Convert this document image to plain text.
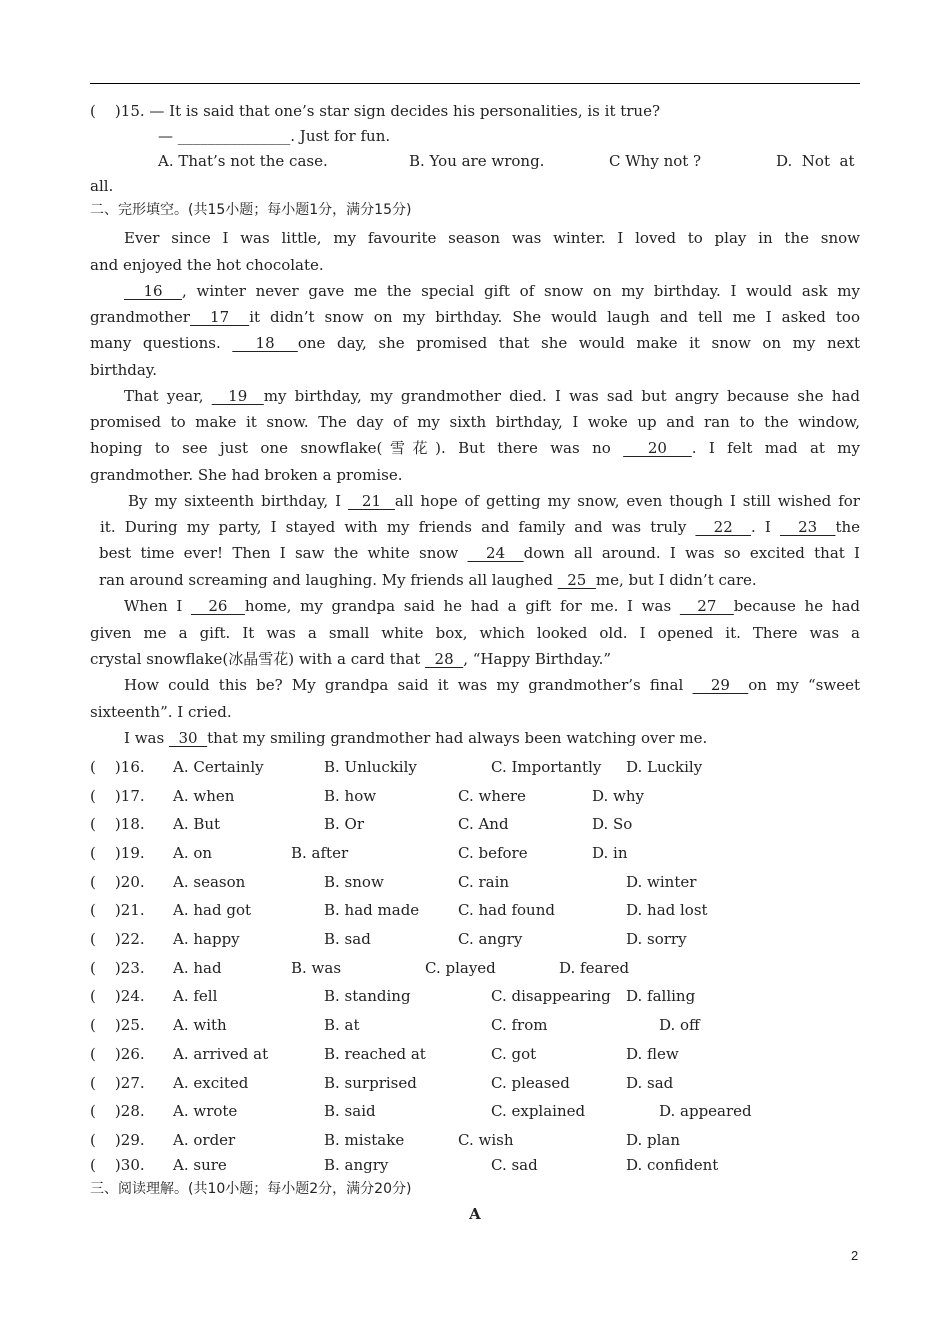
(    )15. — It is said that one’s star sign decides his personalities, is it true?
— _______________. Just for fun.
A. That’s not the case.	B. You are wrong.	C Why not ?	D.  Not  at
all.
二、完形填空。(共15小题；每小题1分，满分15分)
Ever since I was little, my favourite season was winter. I loved to play in the snow
and enjoyed the hot chocolate.
16  , winter never gave me the special gift of snow on my birthday. I would ask my
grandmother  17  it didn’t snow on my birthday. She would laugh and tell me I asked too
many questions.   18  one day, she promised that she would make it snow on my next
birthday.
That year,   19  my birthday, my grandmother died. I was sad but angry because she had
promised to make it snow. The day of my sixth birthday, I woke up and ran to the window,
hoping to see just one snowflake(雪花). But there was no   20  . I felt mad at my
grandmother. She had broken a promise.
By my sixteenth birthday, I   21  all hope of getting my snow, even though I still wished for
it. During my party, I stayed with my friends and family and was truly   22  . I   23  the
best time ever! Then I saw the white snow   24  down all around. I was so excited that I
ran around screaming and laughing. My friends all laughed   25  me, but I didn’t care.
When I   26  home, my grandpa said he had a gift for me. I was   27  because he had
given me a gift. It was a small white box, which looked old. I opened it. There was a
crystal snowflake(冰晶雪花) with a card that   28  , “Happy Birthday.”
How could this be? My grandpa said it was my grandmother’s final   29  on my “sweet
sixteenth”. I cried.
I was   30  that my smiling grandmother had always been watching over me.
(    )16. A. Certainly	B. Unluckily	C. Importantly D. Luckily
(    )17. A. when	B. how	C. where	D. why
(    )18. A. But	B. Or	C. And	D. So
(    )19. A. on	B. after	C. before	D. in
(    )20. A. season	B. snow	C. rain	D. winter
(    )21. A. had got	B. had made	C. had found	D. had lost
(    )22. A. happy	B. sad	C. angry	D. sorry
(    )23. A. had	B. was	C. played	D. feared
(    )24. A. fell	B. standing	C. disappearing D. falling
(    )25. A. with	B. at	C. from	D. off
(    )26. A. arrived at	B. reached at	C. got	D. flew
(    )27. A. excited	B. surprised	C. pleased	D. sad
(    )28. A. wrote	B. said	C. explained	D. appeared
(    )29. A. order	B. mistake	C. wish	D. plan
(    )30. A. sure	B. angry	C. sad	D. confident
三、阅读理解。(共10小题；每小题2分，满分20分)
A
2
